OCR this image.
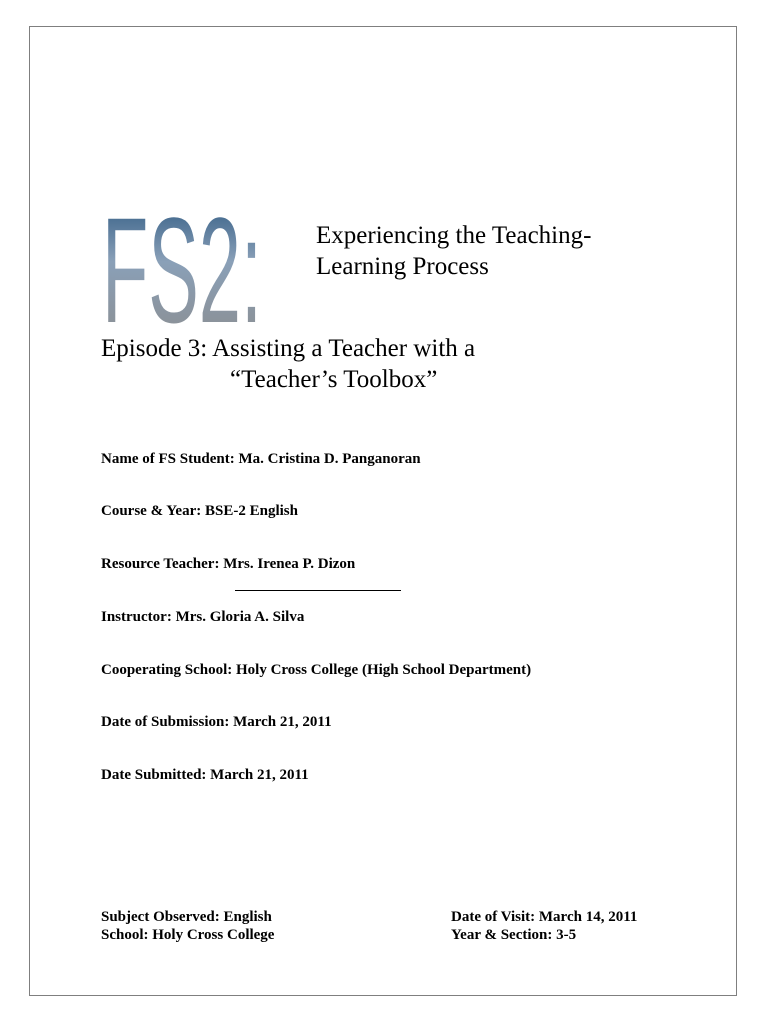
FS2: Experiencing the Teaching-
Learning Process
Episode 3: Assisting a Teacher with a
“Teacher’s Toolbox”
Name of FS Student: Ma. Cristina D. Panganoran
Course & Year: BSE-2 English
Resource Teacher: Mrs. Irenea P. Dizon
Instructor: Mrs. Gloria A. Silva
Cooperating School: Holy Cross College (High School Department)
Date of Submission: March 21, 2011
Date Submitted: March 21, 2011
Subject Observed: English
School: Holy Cross College
Date of Visit: March 14, 2011
Year & Section: 3-5
